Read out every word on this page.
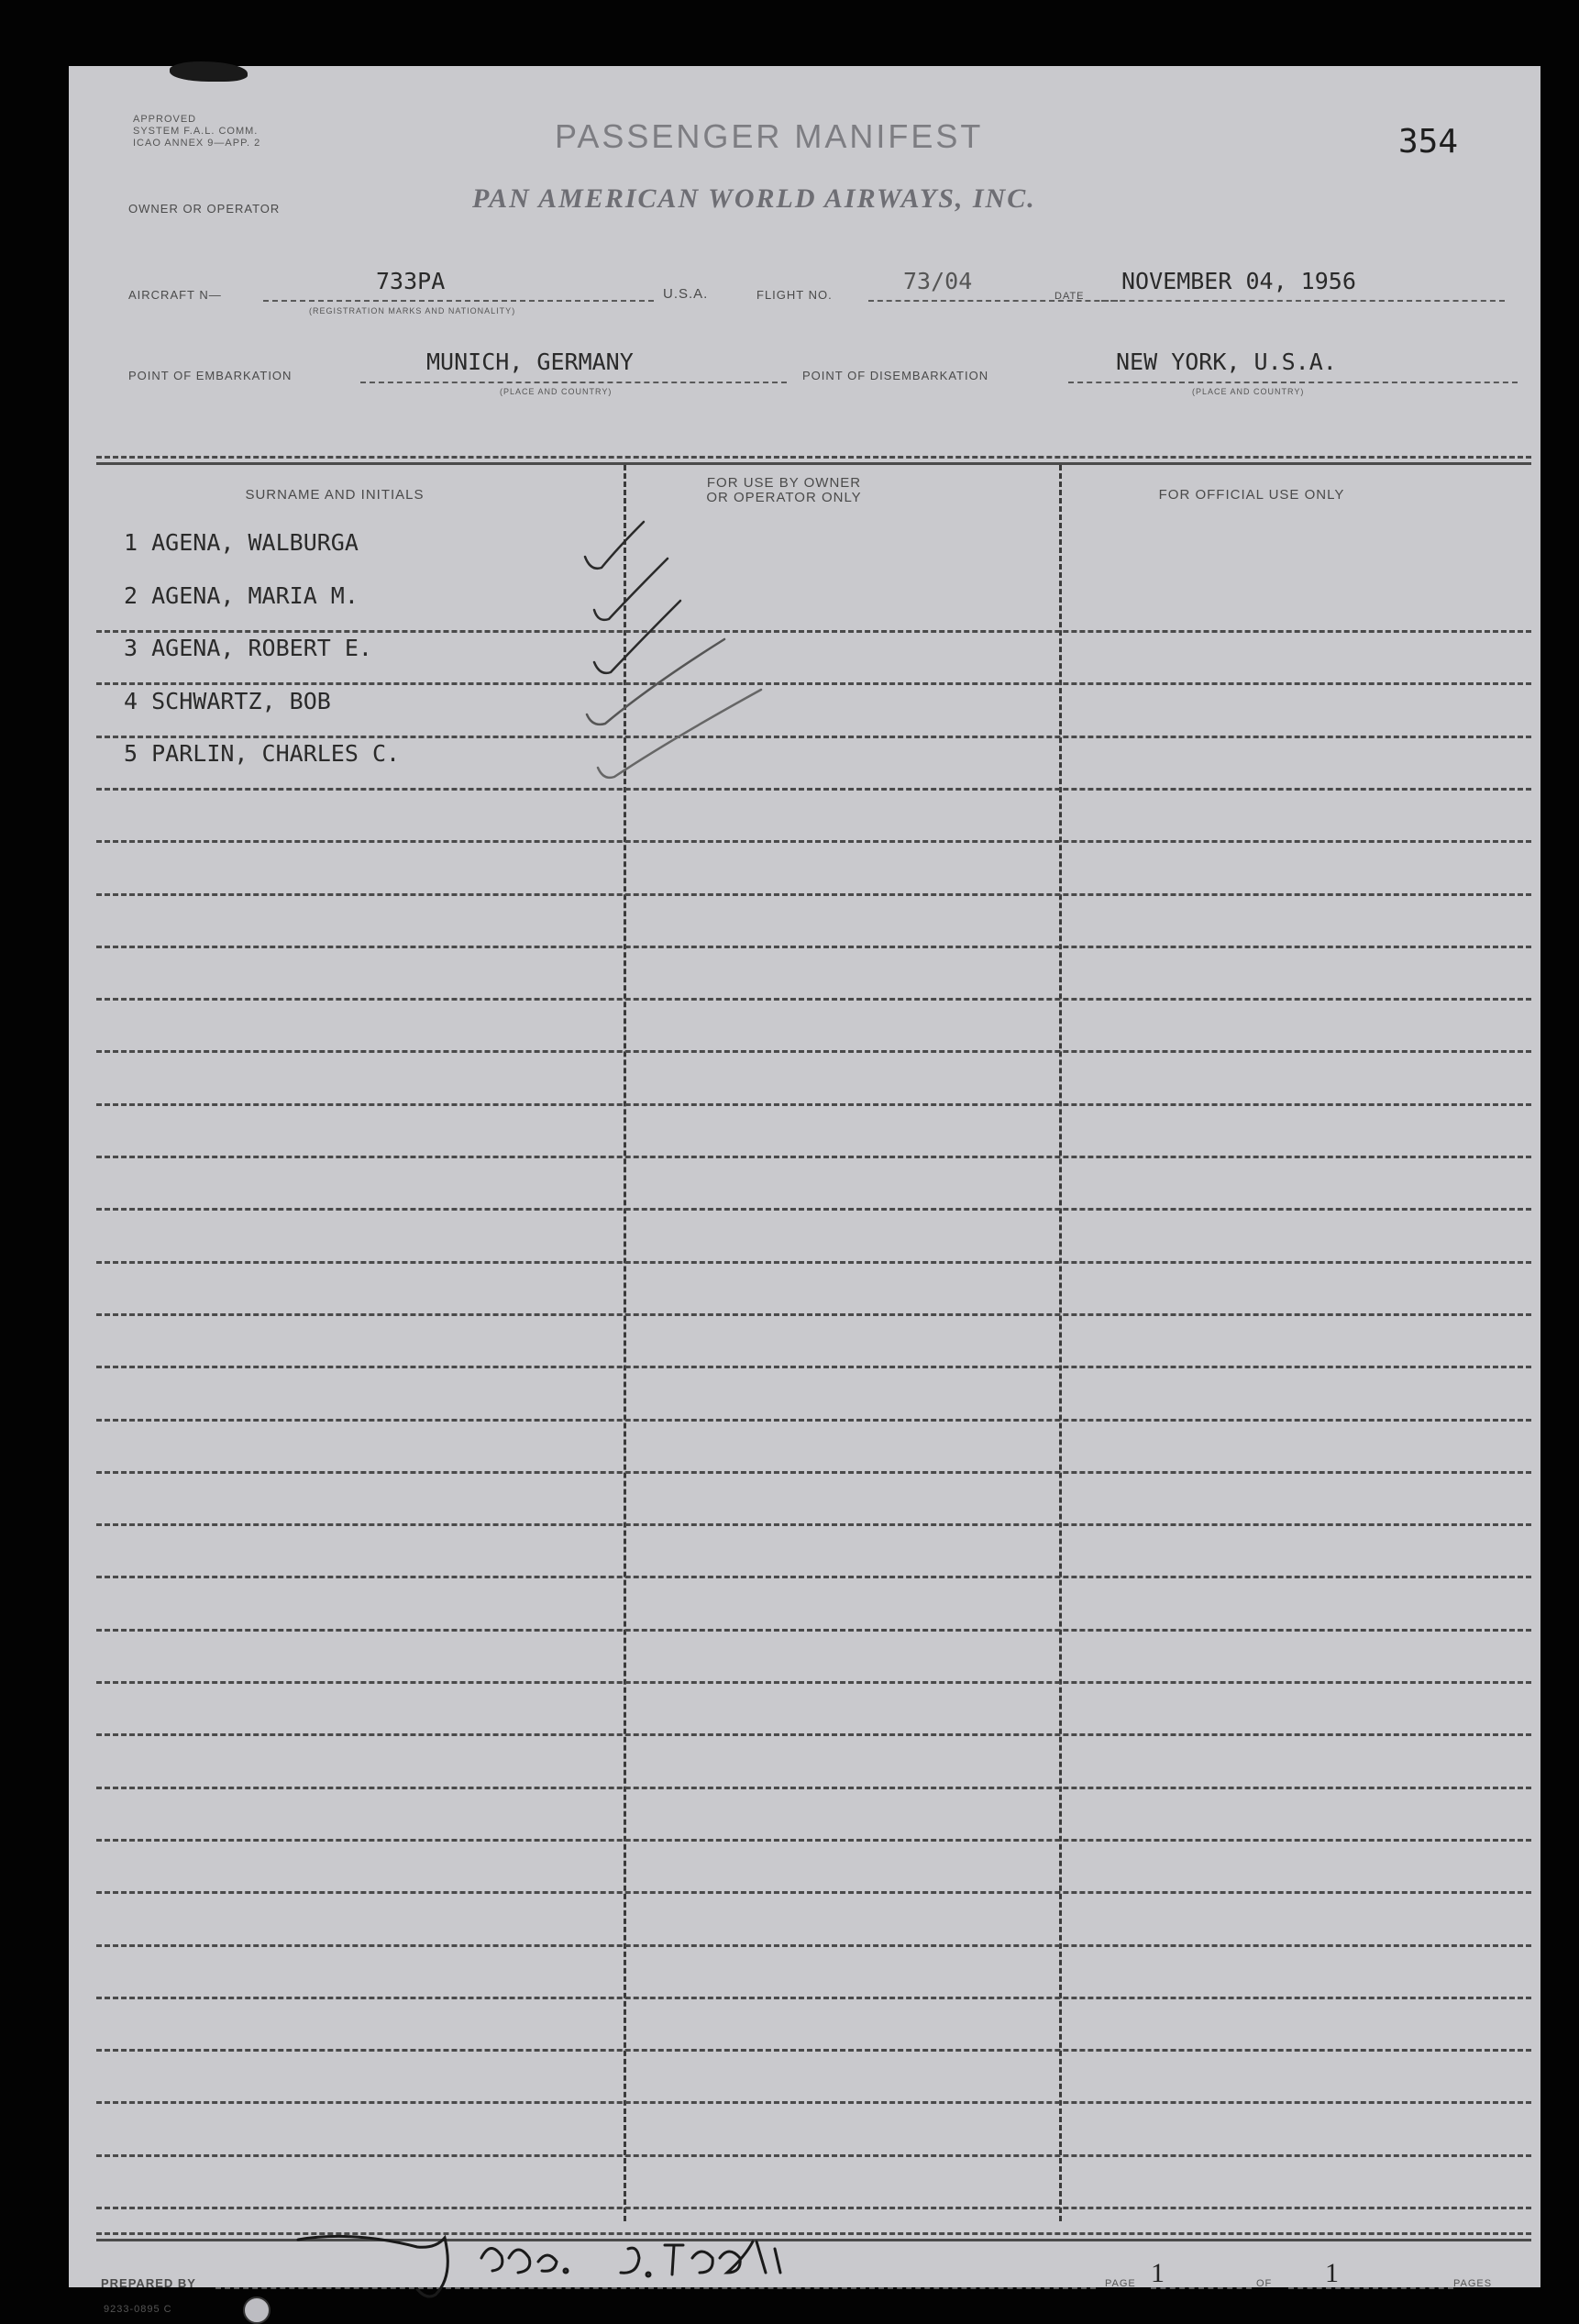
APPROVED
SYSTEM F.A.L. COMM.
ICAO ANNEX 9—APP. 2	PASSENGER MANIFEST	354
OWNER OR OPERATOR	PAN AMERICAN WORLD AIRWAYS, INC.
AIRCRAFT N—
733PA
(REGISTRATION MARKS AND NATIONALITY)
U.S.A.	FLIGHT NO.
73/04
DATE
NOVEMBER 04, 1956
POINT OF EMBARKATION
MUNICH, GERMANY
(PLACE AND COUNTRY)
POINT OF DISEMBARKATION
NEW YORK, U.S.A.
(PLACE AND COUNTRY)
SURNAME AND INITIALS
FOR USE BY OWNER
OR OPERATOR ONLY	FOR OFFICIAL USE ONLY
1 AGENA, WALBURGA
2 AGENA, MARIA M.
3 AGENA, ROBERT E.
4 SCHWARTZ, BOB
5 PARLIN, CHARLES C.
PREPARED BY
9233-0895 C
PAGE 1	OF 1	PAGES
